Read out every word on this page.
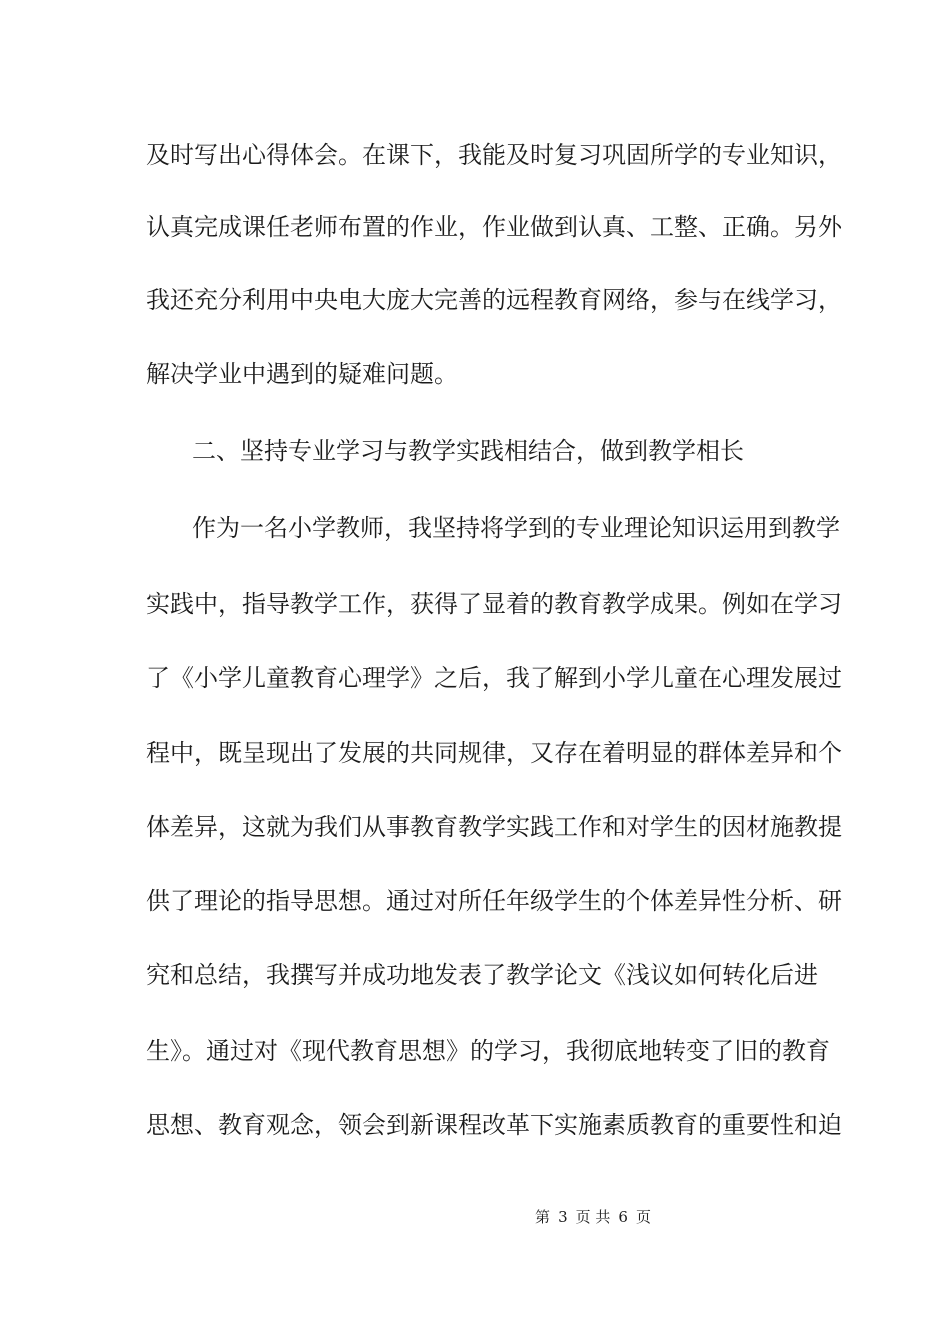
及时写出心得体会。在课下，我能及时复习巩固所学的专业知识，
认真完成课任老师布置的作业，作业做到认真、工整、正确。另外
我还充分利用中央电大庞大完善的远程教育网络，参与在线学习，
解决学业中遇到的疑难问题。
二、坚持专业学习与教学实践相结合，做到教学相长
作为一名小学教师，我坚持将学到的专业理论知识运用到教学
实践中，指导教学工作，获得了显着的教育教学成果。例如在学习
了《小学儿童教育心理学》之后，我了解到小学儿童在心理发展过
程中，既呈现出了发展的共同规律，又存在着明显的群体差异和个
体差异，这就为我们从事教育教学实践工作和对学生的因材施教提
供了理论的指导思想。通过对所任年级学生的个体差异性分析、研
究和总结，我撰写并成功地发表了教学论文《浅议如何转化后进
生》。通过对《现代教育思想》的学习，我彻底地转变了旧的教育
思想、教育观念，领会到新课程改革下实施素质教育的重要性和迫
第 3 页 共 6 页
